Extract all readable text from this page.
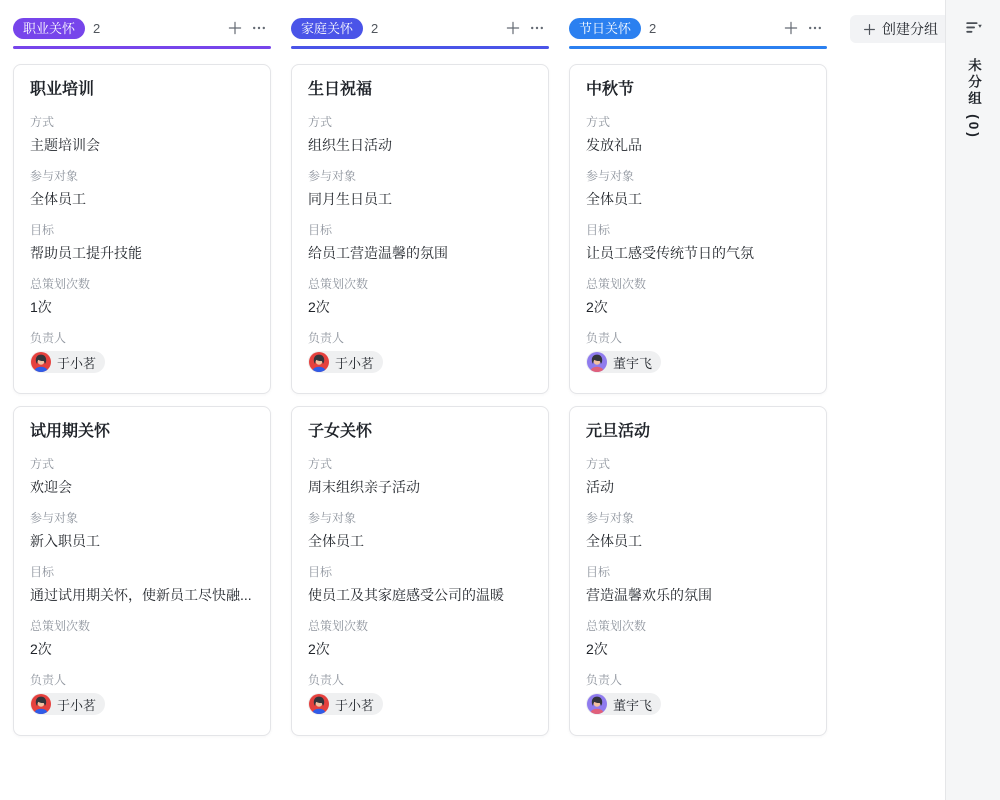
职业关怀	2
职业培训
方式
主题培训会
参与对象
全体员工
目标
帮助员工提升技能
总策划次数
1次
负责人
于小茗
试用期关怀
方式
欢迎会
参与对象
新入职员工
目标
通过试用期关怀，使新员工尽快融...
总策划次数
2次
负责人
于小茗
家庭关怀	2
生日祝福
方式
组织生日活动
参与对象
同月生日员工
目标
给员工营造温馨的氛围
总策划次数
2次
负责人
于小茗
子女关怀
方式
周末组织亲子活动
参与对象
全体员工
目标
使员工及其家庭感受公司的温暖
总策划次数
2次
负责人
于小茗
节日关怀	2
中秋节
方式
发放礼品
参与对象
全体员工
目标
让员工感受传统节日的气氛
总策划次数
2次
负责人
董宇飞
元旦活动
方式
活动
参与对象
全体员工
目标
营造温馨欢乐的氛围
总策划次数
2次
负责人
董宇飞
创建分组
未分组 (0)
